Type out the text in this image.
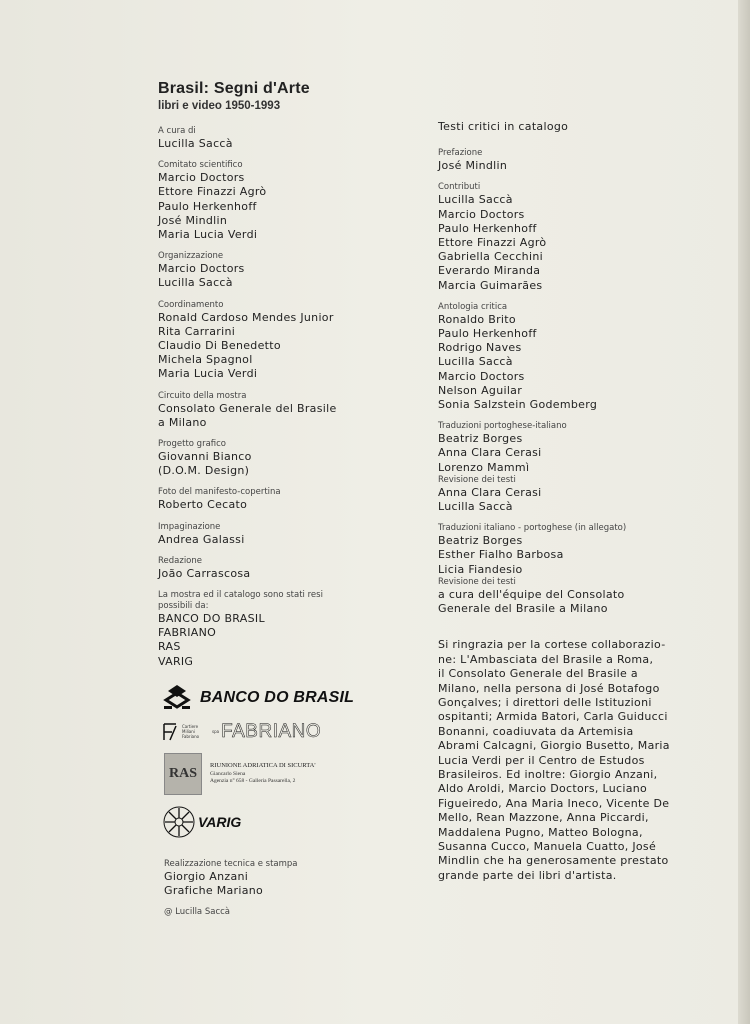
Brasil: Segni d'Arte

libri e video 1950-1993

A cura di

Lucilla Saccà

Comitato scientifico

Marcio Doctors

Ettore Finazzi Agrò

Paulo Herkenhoff

José Mindlin

Maria Lucia Verdi

Organizzazione

Marcio Doctors

Lucilla Saccà

Coordinamento

Ronald Cardoso Mendes Junior

Rita Carrarini

Claudio Di Benedetto

Michela Spagnol

Maria Lucia Verdi

Circuito della mostra

Consolato Generale del Brasile

a Milano

Progetto grafico

Giovanni Bianco

(D.O.M. Design)

Foto del manifesto-copertina

Roberto Cecato

Impaginazione

Andrea Galassi

Redazione

João Carrascosa

La mostra ed il catalogo sono stati resi

possibili da:

BANCO DO BRASIL

FABRIANO

RAS

VARIG

BANCO DO BRASIL
Cartiere
Miliani
Fabriano
spa FABRIANO
RAS	RIUNIONE ADRIATICA DI SICURTA'
Giancarlo Siena
Agenzia n° 658 - Galleria Passarella, 2
VARIG

Realizzazione tecnica e stampa

Giorgio Anzani

Grafiche Mariano

@ Lucilla Saccà

Testi critici in catalogo

Prefazione

José Mindlin

Contributi

Lucilla Saccà

Marcio Doctors

Paulo Herkenhoff

Ettore Finazzi Agrò

Gabriella Cecchini

Everardo Miranda

Marcia Guimarães

Antologia critica

Ronaldo Brito

Paulo Herkenhoff

Rodrigo Naves

Lucilla Saccà

Marcio Doctors

Nelson Aguilar

Sonia Salzstein Godemberg

Traduzioni portoghese-italiano

Beatriz Borges

Anna Clara Cerasi

Lorenzo Mammì

Revisione dei testi

Anna Clara Cerasi

Lucilla Saccà

Traduzioni italiano - portoghese (in allegato)

Beatriz Borges

Esther Fialho Barbosa

Licia Fiandesio

Revisione dei testi

a cura dell'équipe del Consolato

Generale del Brasile a Milano

Si ringrazia per la cortese collaborazio-

ne: L'Ambasciata del Brasile a Roma,

il Consolato Generale del Brasile a

Milano, nella persona di José Botafogo

Gonçalves; i direttori delle Istituzioni

ospitanti; Armida Batori, Carla Guiducci

Bonanni, coadiuvata da Artemisia

Abrami Calcagni, Giorgio Busetto, Maria

Lucia Verdi per il Centro de Estudos

Brasileiros. Ed inoltre: Giorgio Anzani,

Aldo Aroldi, Marcio Doctors, Luciano

Figueiredo, Ana Maria Ineco, Vicente De

Mello, Rean Mazzone, Anna Piccardi,

Maddalena Pugno, Matteo Bologna,

Susanna Cucco, Manuela Cuatto, José

Mindlin che ha generosamente prestato

grande parte dei libri d'artista.
